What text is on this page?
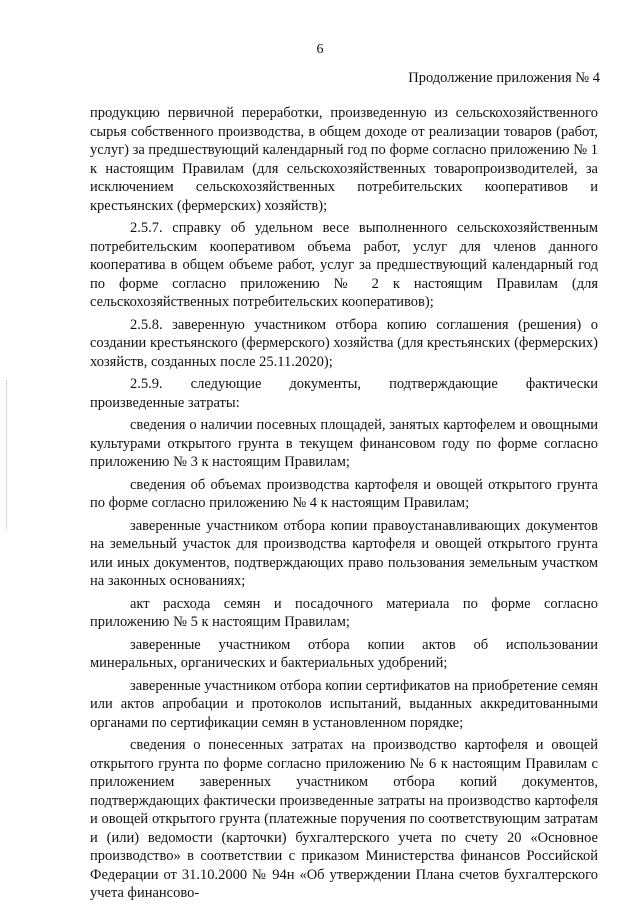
6
Продолжение приложения № 4

продукцию первичной переработки, произведенную из сельскохозяйственного сырья собственного производства, в общем доходе от реализации товаров (работ, услуг) за предшествующий календарный год по форме согласно приложению № 1 к настоящим Правилам (для сельскохозяйственных товаропроизводителей, за исключением сельскохозяйственных потребительских кооперативов и крестьянских (фермерских) хозяйств);

2.5.7. справку об удельном весе выполненного сельскохозяйственным потребительским кооперативом объема работ, услуг для членов данного кооператива в общем объеме работ, услуг за предшествующий календарный год по форме согласно приложению № 2 к настоящим Правилам (для сельскохозяйственных потребительских кооперативов);

2.5.8. заверенную участником отбора копию соглашения (решения) о создании крестьянского (фермерского) хозяйства (для крестьянских (фермерских) хозяйств, созданных после 25.11.2020);

2.5.9. следующие документы, подтверждающие фактически произведенные затраты:

сведения о наличии посевных площадей, занятых картофелем и овощными культурами открытого грунта в текущем финансовом году по форме согласно приложению № 3 к настоящим Правилам;

сведения об объемах производства картофеля и овощей открытого грунта по форме согласно приложению № 4 к настоящим Правилам;

заверенные участником отбора копии правоустанавливающих документов на земельный участок для производства картофеля и овощей открытого грунта или иных документов, подтверждающих право пользования земельным участком на законных основаниях;

акт расхода семян и посадочного материала по форме согласно приложению № 5 к настоящим Правилам;

заверенные участником отбора копии актов об использовании минеральных, органических и бактериальных удобрений;

заверенные участником отбора копии сертификатов на приобретение семян или актов апробации и протоколов испытаний, выданных аккредитованными органами по сертификации семян в установленном порядке;

сведения о понесенных затратах на производство картофеля и овощей открытого грунта по форме согласно приложению № 6 к настоящим Правилам с приложением заверенных участником отбора копий документов, подтверждающих фактически произведенные затраты на производство картофеля и овощей открытого грунта (платежные поручения по соответствующим затратам и (или) ведомости (карточки) бухгалтерского учета по счету 20 «Основное производство» в соответствии с приказом Министерства финансов Российской Федерации от 31.10.2000 № 94н «Об утверждении Плана счетов бухгалтерского учета финансово-
